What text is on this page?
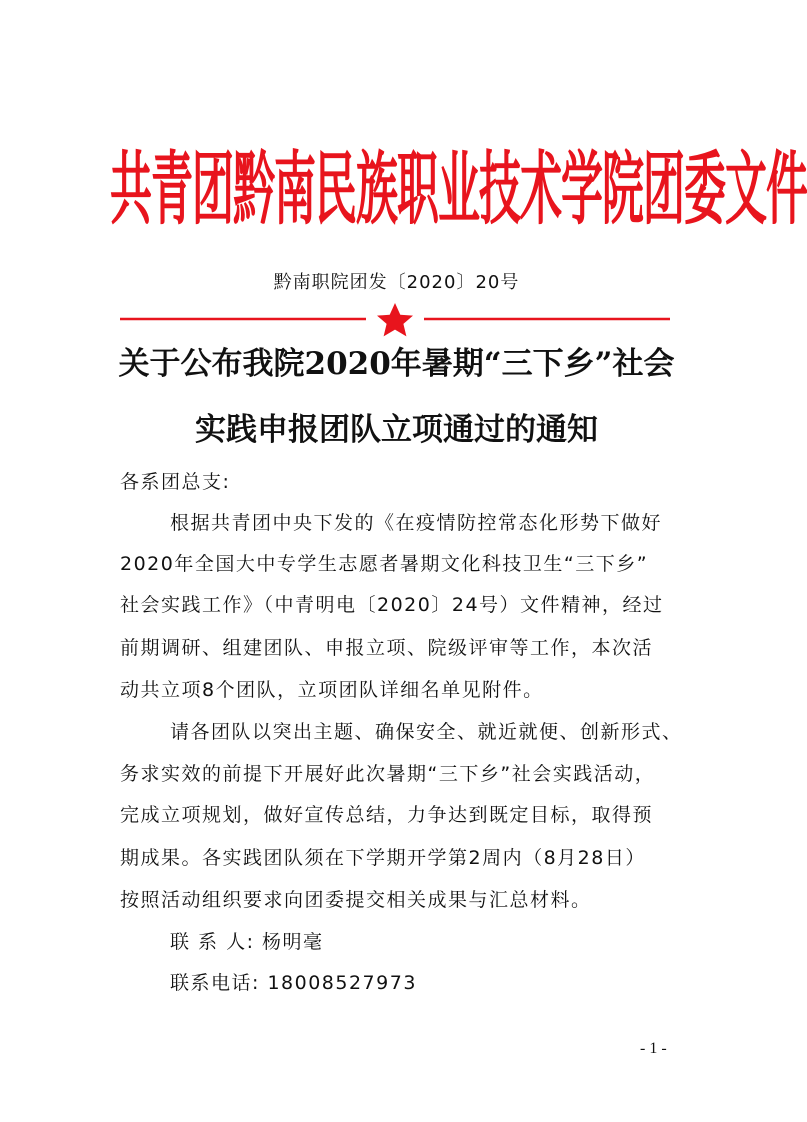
共青团黔南民族职业技术学院团委文件
黔南职院团发〔2020〕20号
关于公布我院2020年暑期“三下乡”社会
实践申报团队立项通过的通知
各系团总支:
根据共青团中央下发的《在疫情防控常态化形势下做好
2020年全国大中专学生志愿者暑期文化科技卫生“三下乡”
社会实践工作》（中青明电〔2020〕24号）文件精神，经过
前期调研、组建团队、申报立项、院级评审等工作，本次活
动共立项8个团队，立项团队详细名单见附件。
请各团队以突出主题、确保安全、就近就便、创新形式、
务求实效的前提下开展好此次暑期“三下乡”社会实践活动，
完成立项规划，做好宣传总结，力争达到既定目标，取得预
期成果。各实践团队须在下学期开学第2周内（8月28日）
按照活动组织要求向团委提交相关成果与汇总材料。
联 系 人: 杨明毫
联系电话: 18008527973
- 1 -
